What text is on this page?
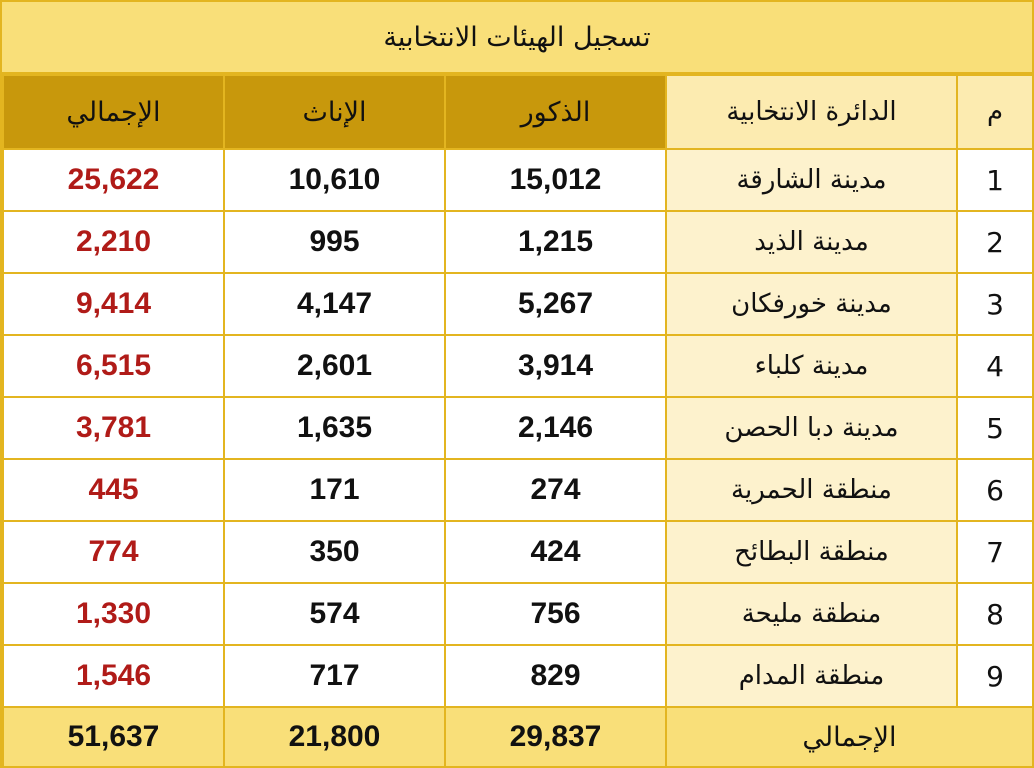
تسجيل الهيئات الانتخابية
م	الدائرة الانتخابية	الذكور	الإناث	الإجمالي
1	مدينة الشارقة	15,012	10,610	25,622
2	مدينة الذيد	1,215	995	2,210
3	مدينة خورفكان	5,267	4,147	9,414
4	مدينة كلباء	3,914	2,601	6,515
5	مدينة دبا الحصن	2,146	1,635	3,781
6	منطقة الحمرية	274	171	445
7	منطقة البطائح	424	350	774
8	منطقة مليحة	756	574	1,330
9	منطقة المدام	829	717	1,546
الإجمالي		29,837	21,800	51,637
